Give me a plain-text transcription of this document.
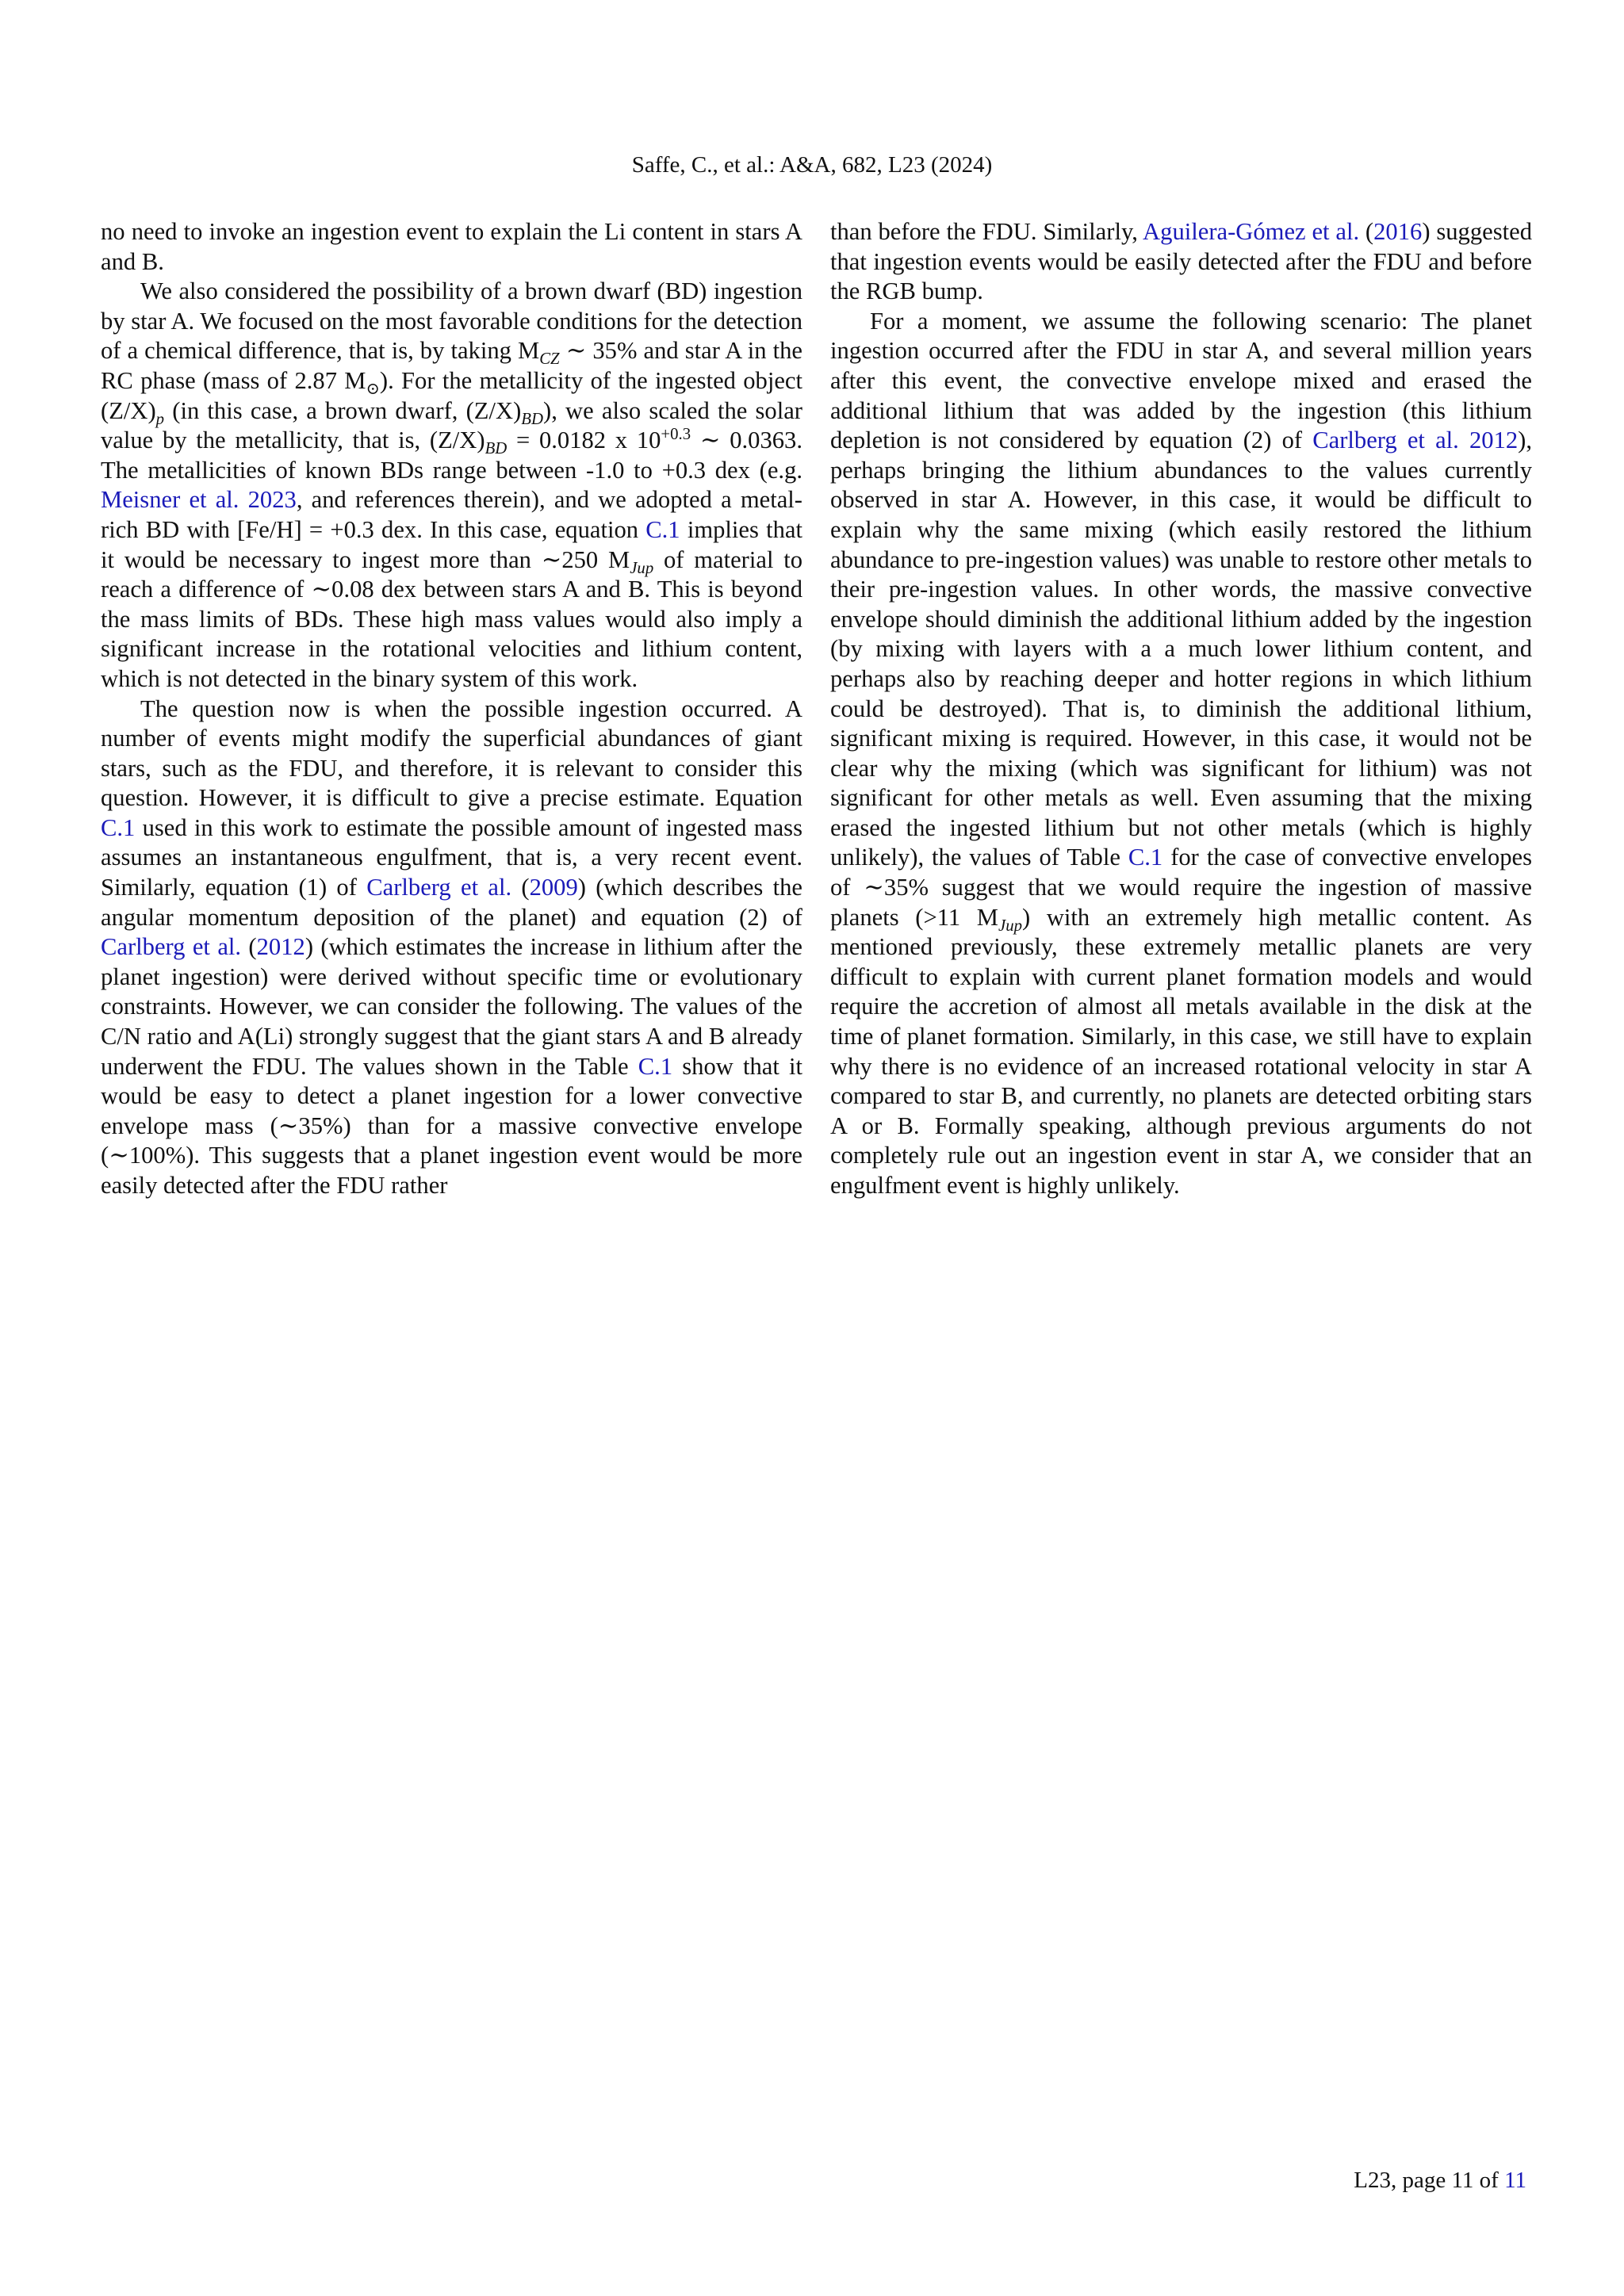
Saffe, C., et al.: A&A, 682, L23 (2024)

no need to invoke an ingestion event to explain the Li content in stars A and B.

We also considered the possibility of a brown dwarf (BD) ingestion by star A. We focused on the most favorable conditions for the detection of a chemical difference, that is, by taking $M_{CZ}$ ∼ 35% and star A in the RC phase (mass of 2.87 $M_⊙$). For the metallicity of the ingested object $(Z/X)_p$ (in this case, a brown dwarf, $(Z/X)_{BD}$), we also scaled the solar value by the metallicity, that is, $(Z/X)_{BD} = 0.0182$ x $10^{+0.3}$ ∼ 0.0363. The metallicities of known BDs range between -1.0 to +0.3 dex (e.g. Meisner et al. 2023, and references therein), and we adopted a metal-rich BD with [Fe/H] = +0.3 dex. In this case, equation C.1 implies that it would be necessary to ingest more than ∼250 $M_{Jup}$ of material to reach a difference of ∼0.08 dex between stars A and B. This is beyond the mass limits of BDs. These high mass values would also imply a significant increase in the rotational velocities and lithium content, which is not detected in the binary system of this work.

The question now is when the possible ingestion occurred. A number of events might modify the superficial abundances of giant stars, such as the FDU, and therefore, it is relevant to consider this question. However, it is difficult to give a precise estimate. Equation C.1 used in this work to estimate the possible amount of ingested mass assumes an instantaneous engulfment, that is, a very recent event. Similarly, equation (1) of Carlberg et al. (2009) (which describes the angular momentum deposition of the planet) and equation (2) of Carlberg et al. (2012) (which estimates the increase in lithium after the planet ingestion) were derived without specific time or evolutionary constraints. However, we can consider the following. The values of the C/N ratio and A(Li) strongly suggest that the giant stars A and B already underwent the FDU. The values shown in the Table C.1 show that it would be easy to detect a planet ingestion for a lower convective envelope mass (∼35%) than for a massive convective envelope (∼100%). This suggests that a planet ingestion event would be more easily detected after the FDU rather

than before the FDU. Similarly, Aguilera-Gómez et al. (2016) suggested that ingestion events would be easily detected after the FDU and before the RGB bump.

For a moment, we assume the following scenario: The planet ingestion occurred after the FDU in star A, and several million years after this event, the convective envelope mixed and erased the additional lithium that was added by the ingestion (this lithium depletion is not considered by equation (2) of Carlberg et al. 2012), perhaps bringing the lithium abundances to the values currently observed in star A. However, in this case, it would be difficult to explain why the same mixing (which easily restored the lithium abundance to pre-ingestion values) was unable to restore other metals to their pre-ingestion values. In other words, the massive convective envelope should diminish the additional lithium added by the ingestion (by mixing with layers with a a much lower lithium content, and perhaps also by reaching deeper and hotter regions in which lithium could be destroyed). That is, to diminish the additional lithium, significant mixing is required. However, in this case, it would not be clear why the mixing (which was significant for lithium) was not significant for other metals as well. Even assuming that the mixing erased the ingested lithium but not other metals (which is highly unlikely), the values of Table C.1 for the case of convective envelopes of ∼35% suggest that we would require the ingestion of massive planets (>11 $M_{Jup}$) with an extremely high metallic content. As mentioned previously, these extremely metallic planets are very difficult to explain with current planet formation models and would require the accretion of almost all metals available in the disk at the time of planet formation. Similarly, in this case, we still have to explain why there is no evidence of an increased rotational velocity in star A compared to star B, and currently, no planets are detected orbiting stars A or B. Formally speaking, although previous arguments do not completely rule out an ingestion event in star A, we consider that an engulfment event is highly unlikely.

L23, page 11 of 11
